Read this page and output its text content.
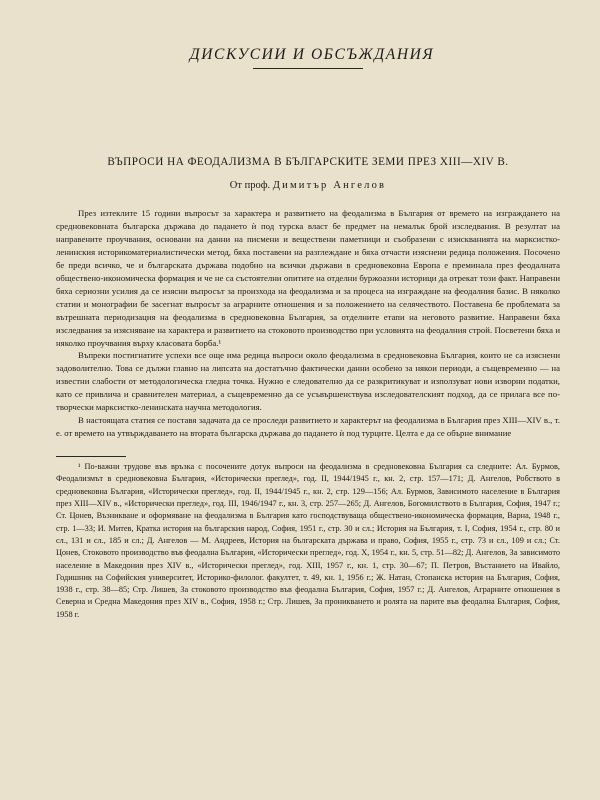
ДИСКУСИИ И ОБСЪЖДАНИЯ
ВЪПРОСИ НА ФЕОДАЛИЗМА В БЪЛГАРСКИТЕ ЗЕМИ ПРЕЗ XIII—XIV В.
От проф. Димитър Ангелов

През изтеклите 15 години въпросът за характера и развитието на феодализма в България от времето на изграждането на средновековната българска държава до падането ѝ под турска власт бе предмет на немалък брой изследвания. В резултат на направените проучвания, основани на данни на писмени и веществени паметници и съобразени с изискванията на марксистко-ленинския историкоматериалистически метод, бяха поставени на разглеждане и бяха отчасти изяснени редица положения. Посочено бе преди всичко, че и българската държава подобно на всички държави в средновековна Европа е преминала през феодалната обществено-икономическа формация и че не са състоятелни опитите на отделни буржоазни историци да отрекат този факт. Направени бяха сериозни усилия да се изясни въпросът за произхода на феодализма и за процеса на изграждане на феодалния базис. В няколко статии и монографии бе засегнат въпросът за аграрните отношения и за положението на селячеството. Поставена бе проблемата за вътрешната периодизация на феодализма в средновековна България, за отделните етапи на неговото развитие. Направени бяха изследвания за изясняване на характера и развитието на стоковото производство при условията на феодалния строй. Посветени бяха и няколко проучвания върху класовата борба.¹

Въпреки постигнатите успехи все още има редица въпроси около феодализма в средновековна България, които не са изяснени задоволително. Това се дължи главно на липсата на достатъчно фактически данни особено за някои периоди, а същевременно — на известни слабости от методологическа гледна точка. Нужно е следователно да се разкритикуват и използуват нови изворни податки, като се привлича и сравнителен материал, а същевременно да се усъвършенствува изследователският подход, да се прилага все по-творчески марксистко-ленинската научна методология.

В настоящата статия се поставя задачата да се проследи развитието и характерът на феодализма в България през XIII—XIV в., т. е. от времето на утвърждаването на втората българска държава до падането ѝ под турците. Целта е да се обърне внимание

¹ По-важни трудове във връзка с посочените дотук въпроси на феодализма в средновековна България са следните: Ал. Бурмов, Феодализмът в средновековна България, «Исторически преглед», год. II, 1944/1945 г., кн. 2, стр. 157—171; Д. Ангелов, Робството в средновековна България, «Исторически преглед», год. II, 1944/1945 г., кн. 2, стр. 129—156; Ал. Бурмов, Зависимото население в България през XIII—XIV в., «Исторически преглед», год. III, 1946/1947 г., кн. 3, стр. 257—265; Д. Ангелов, Богомилството в България, София, 1947 г.; Ст. Цонев, Възникване и оформяване на феодализма в България като господствуваща обществено-икономическа формация, Варна, 1948 г., стр. 1—33; И. Митев, Кратка история на българския народ, София, 1951 г., стр. 30 и сл.; История на България, т. I, София, 1954 г., стр. 80 и сл., 131 и сл., 185 и сл.; Д. Ангелов — М. Андреев, История на българската държава и право, София, 1955 г., стр. 73 и сл., 109 и сл.; Ст. Цонев, Стоковото производство във феодална България, «Исторически преглед», год. X, 1954 г., кн. 5, стр. 51—82; Д. Ангелов, За зависимото население в Македония през XIV в., «Исторически преглед», год. XIII, 1957 г., кн. 1, стр. 30—67; П. Петров, Въстанието на Ивайло, Годишник на Софийския университет, Историко-филолог. факултет, т. 49, кн. 1, 1956 г.; Ж. Натан, Стопанска история на България, София, 1938 г., стр. 38—85; Стр. Лишев, За стоковото производство във феодална България, София, 1957 г.; Д. Ангелов, Аграрните отношения в Северна и Средна Македония през XIV в., София, 1958 г.; Стр. Лишев, За проникването и ролята на парите във феодална България, София, 1958 г.
